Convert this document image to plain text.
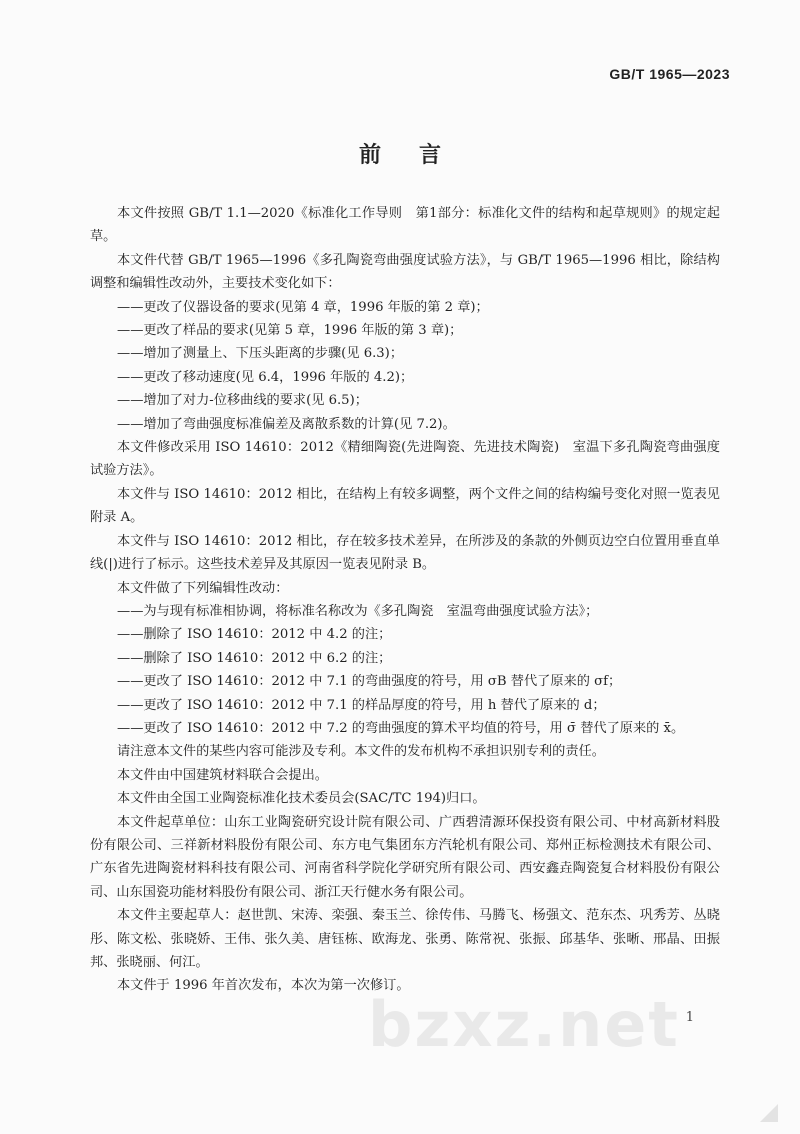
GB/T 1965—2023
前言

本文件按照 GB/T 1.1—2020《标准化工作导则　第1部分：标准化文件的结构和起草规则》的规定起草。

本文件代替 GB/T 1965—1996《多孔陶瓷弯曲强度试验方法》，与 GB/T 1965—1996 相比，除结构调整和编辑性改动外，主要技术变化如下：

——更改了仪器设备的要求(见第 4 章，1996 年版的第 2 章)；

——更改了样品的要求(见第 5 章，1996 年版的第 3 章)；

——增加了测量上、下压头距离的步骤(见 6.3)；

——更改了移动速度(见 6.4，1996 年版的 4.2)；

——增加了对力-位移曲线的要求(见 6.5)；

——增加了弯曲强度标准偏差及离散系数的计算(见 7.2)。

本文件修改采用 ISO 14610：2012《精细陶瓷(先进陶瓷、先进技术陶瓷)　室温下多孔陶瓷弯曲强度试验方法》。

本文件与 ISO 14610：2012 相比，在结构上有较多调整，两个文件之间的结构编号变化对照一览表见附录 A。

本文件与 ISO 14610：2012 相比，存在较多技术差异，在所涉及的条款的外侧页边空白位置用垂直单线(|)进行了标示。这些技术差异及其原因一览表见附录 B。

本文件做了下列编辑性改动：

——为与现有标准相协调，将标准名称改为《多孔陶瓷　室温弯曲强度试验方法》；

——删除了 ISO 14610：2012 中 4.2 的注；

——删除了 ISO 14610：2012 中 6.2 的注；

——更改了 ISO 14610：2012 中 7.1 的弯曲强度的符号，用 σB 替代了原来的 σf；

——更改了 ISO 14610：2012 中 7.1 的样品厚度的符号，用 h 替代了原来的 d；

——更改了 ISO 14610：2012 中 7.2 的弯曲强度的算术平均值的符号，用 σ̄ 替代了原来的 x̄。

请注意本文件的某些内容可能涉及专利。本文件的发布机构不承担识别专利的责任。

本文件由中国建筑材料联合会提出。

本文件由全国工业陶瓷标准化技术委员会(SAC/TC 194)归口。

本文件起草单位：山东工业陶瓷研究设计院有限公司、广西碧清源环保投资有限公司、中材高新材料股份有限公司、三祥新材料股份有限公司、东方电气集团东方汽轮机有限公司、郑州正标检测技术有限公司、广东省先进陶瓷材料科技有限公司、河南省科学院化学研究所有限公司、西安鑫垚陶瓷复合材料股份有限公司、山东国瓷功能材料股份有限公司、浙江天行健水务有限公司。

本文件主要起草人：赵世凯、宋涛、栾强、秦玉兰、徐传伟、马腾飞、杨强文、范东杰、巩秀芳、丛晓彤、陈文松、张晓娇、王伟、张久美、唐钰栋、欧海龙、张勇、陈常祝、张振、邱基华、张晰、邢晶、田振邦、张晓丽、何江。

本文件于 1996 年首次发布，本次为第一次修订。

bzxz.net 1
